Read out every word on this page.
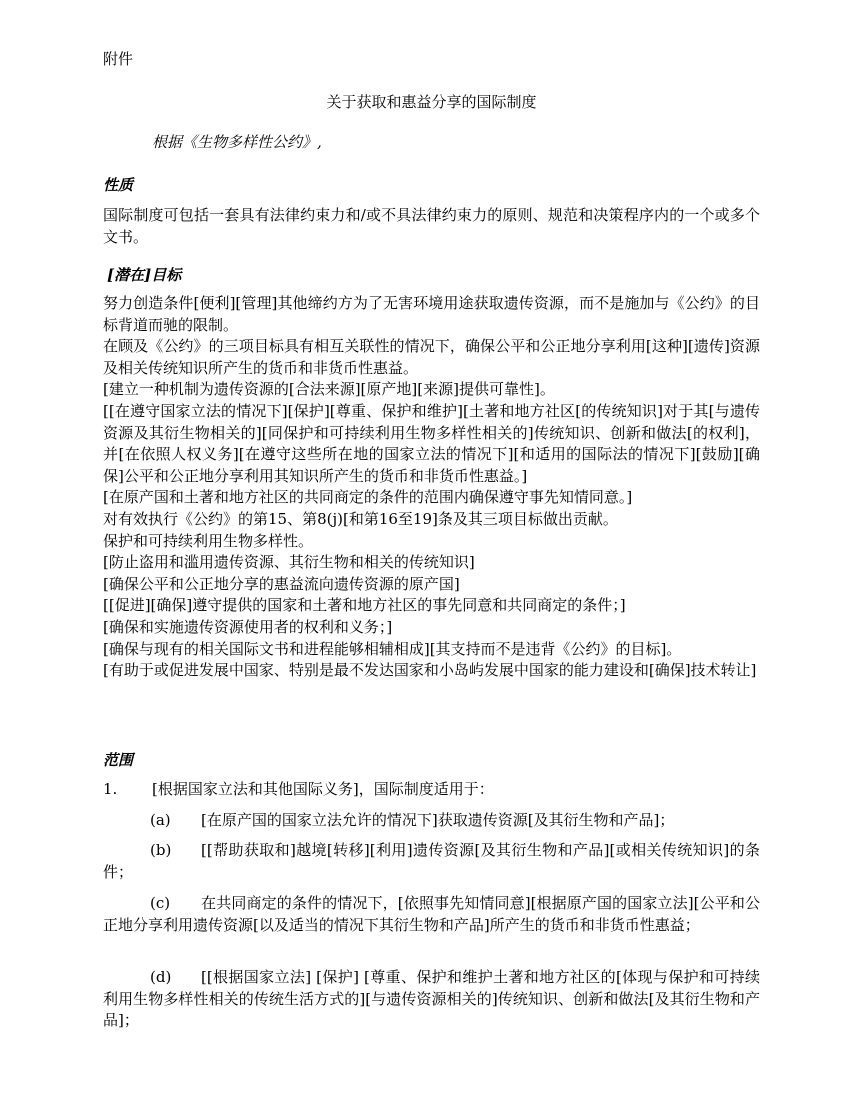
附件
关于获取和惠益分享的国际制度
根据《生物多样性公约》,
性质

国际制度可包括一套具有法律约束力和/或不具法律约束力的原则、规范和决策程序内的一个或多个文书。

[潜在]目标

努力创造条件[便利][管理]其他缔约方为了无害环境用途获取遗传资源，而不是施加与《公约》的目标背道而驰的限制。

在顾及《公约》的三项目标具有相互关联性的情况下，确保公平和公正地分享利用[这种][遗传]资源及相关传统知识所产生的货币和非货币性惠益。

[建立一种机制为遗传资源的[合法来源][原产地][来源]提供可靠性]。

[[在遵守国家立法的情况下][保护][尊重、保护和维护][土著和地方社区[的传统知识]对于其[与遗传资源及其衍生物相关的][同保护和可持续利用生物多样性相关的]传统知识、创新和做法[的权利]，并[在依照人权义务][在遵守这些所在地的国家立法的情况下][和适用的国际法的情况下][鼓励][确保]公平和公正地分享利用其知识所产生的货币和非货币性惠益。]

[在原产国和土著和地方社区的共同商定的条件的范围内确保遵守事先知情同意。]

对有效执行《公约》的第15、第8(j)[和第16至19]条及其三项目标做出贡献。

保护和可持续利用生物多样性。

[防止盗用和滥用遗传资源、其衍生物和相关的传统知识]

[确保公平和公正地分享的惠益流向遗传资源的原产国]

[[促进][确保]遵守提供的国家和土著和地方社区的事先同意和共同商定的条件；]

[确保和实施遗传资源使用者的权利和义务；]

[确保与现有的相关国际文书和进程能够相辅相成][其支持而不是违背《公约》的目标]。

[有助于或促进发展中国家、特别是最不发达国家和小岛屿发展中国家的能力建设和[确保]技术转让]

范围
1.	[根据国家立法和其他国际义务]，国际制度适用于：

(a) [在原产国的国家立法允许的情况下]获取遗传资源[及其衍生物和产品]；

(b) [[帮助获取和]越境[转移][利用]遗传资源[及其衍生物和产品][或相关传统知识]的条件；

(c) 在共同商定的条件的情况下，[依照事先知情同意][根据原产国的国家立法][公平和公正地分享利用遗传资源[以及适当的情况下其衍生物和产品]所产生的货币和非货币性惠益；

(d) [[根据国家立法] [保护] [尊重、保护和维护土著和地方社区的[体现与保护和可持续利用生物多样性相关的传统生活方式的][与遗传资源相关的]传统知识、创新和做法[及其衍生物和产品]；
